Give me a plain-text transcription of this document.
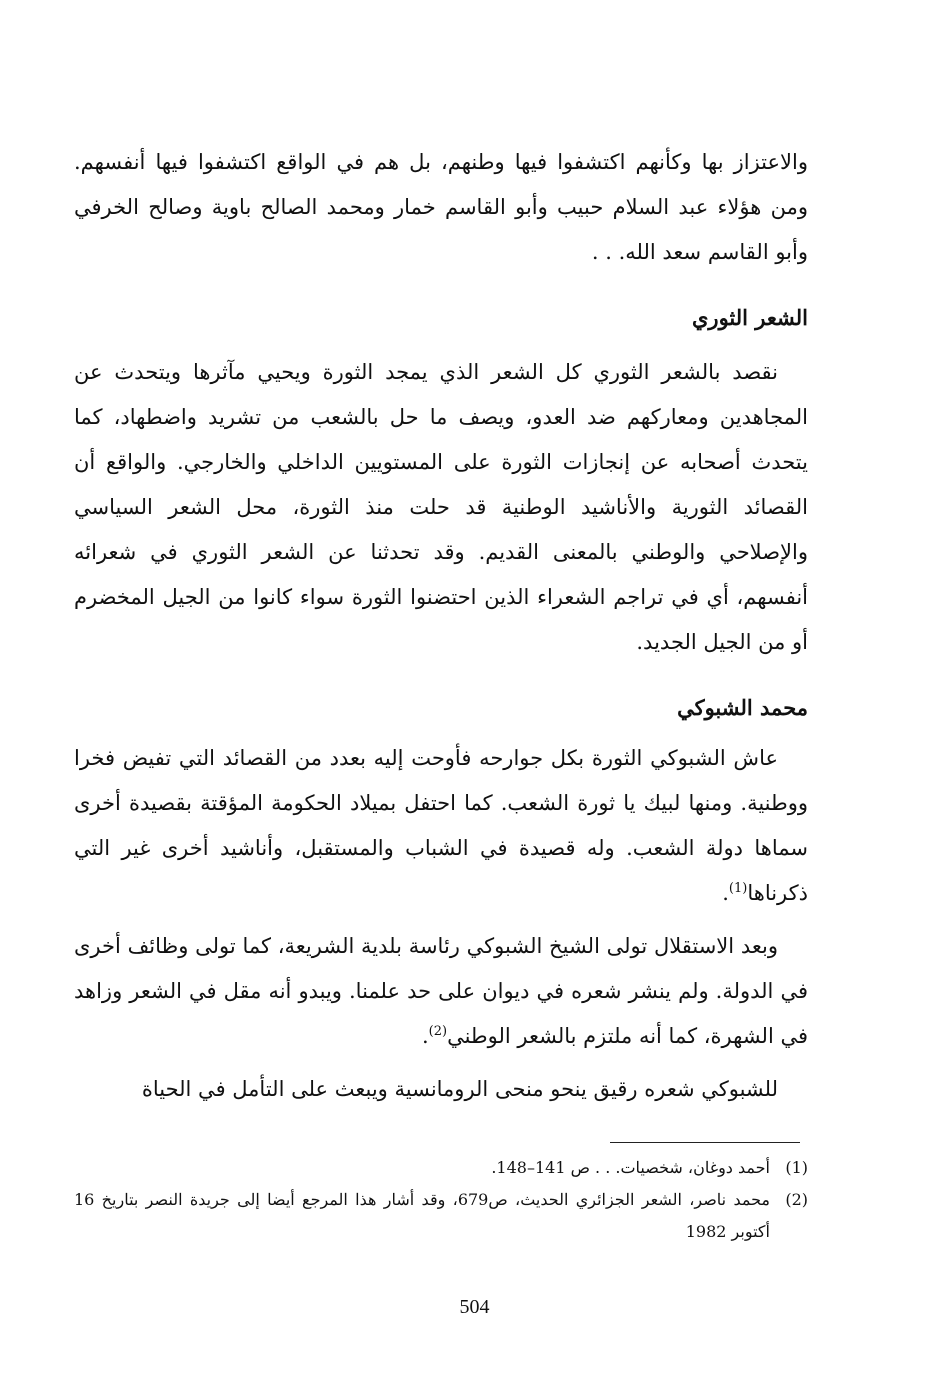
والاعتزاز بها وكأنهم اكتشفوا فيها وطنهم، بل هم في الواقع اكتشفوا فيها أنفسهم. ومن هؤلاء عبد السلام حبيب وأبو القاسم خمار ومحمد الصالح باوية وصالح الخرفي وأبو القاسم سعد الله. . .

الشعر الثوري

نقصد بالشعر الثوري كل الشعر الذي يمجد الثورة ويحيي مآثرها ويتحدث عن المجاهدين ومعاركهم ضد العدو، ويصف ما حل بالشعب من تشريد واضطهاد، كما يتحدث أصحابه عن إنجازات الثورة على المستويين الداخلي والخارجي. والواقع أن القصائد الثورية والأناشيد الوطنية قد حلت منذ الثورة، محل الشعر السياسي والإصلاحي والوطني بالمعنى القديم. وقد تحدثنا عن الشعر الثوري في شعرائه أنفسهم، أي في تراجم الشعراء الذين احتضنوا الثورة سواء كانوا من الجيل المخضرم أو من الجيل الجديد.

محمد الشبوكي

عاش الشبوكي الثورة بكل جوارحه فأوحت إليه بعدد من القصائد التي تفيض فخرا ووطنية. ومنها لبيك يا ثورة الشعب. كما احتفل بميلاد الحكومة المؤقتة بقصيدة أخرى سماها دولة الشعب. وله قصيدة في الشباب والمستقبل، وأناشيد أخرى غير التي ذكرناها$^{(1)}$.

وبعد الاستقلال تولى الشيخ الشبوكي رئاسة بلدية الشريعة، كما تولى وظائف أخرى في الدولة. ولم ينشر شعره في ديوان على حد علمنا. ويبدو أنه مقل في الشعر وزاهد في الشهرة، كما أنه ملتزم بالشعر الوطني$^{(2)}$.

للشبوكي شعره رقيق ينحو منحى الرومانسية ويبعث على التأمل في الحياة

(1)
أحمد دوغان، شخصيات. . . ص 141–148.
(2)
محمد ناصر، الشعر الجزائري الحديث، ص679، وقد أشار هذا المرجع أيضا إلى جريدة النصر بتاريخ 16 أكتوبر 1982
504
